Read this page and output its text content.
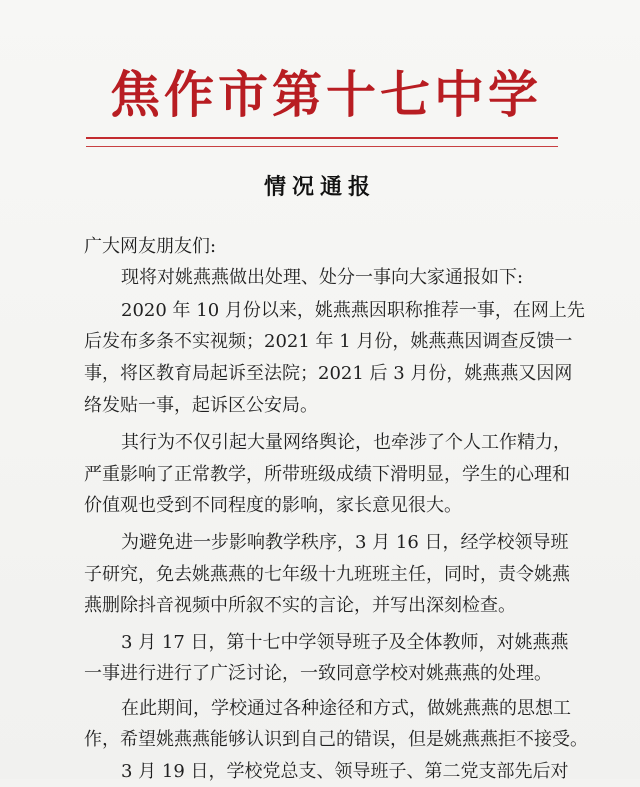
焦作市第十七中学
情况通报
广大网友朋友们:
现将对姚燕燕做出处理、处分一事向大家通报如下:
2020 年 10 月份以来，姚燕燕因职称推荐一事，在网上先
后发布多条不实视频；2021 年 1 月份，姚燕燕因调查反馈一
事，将区教育局起诉至法院；2021 后 3 月份，姚燕燕又因网
络发贴一事，起诉区公安局。
其行为不仅引起大量网络舆论，也牵涉了个人工作精力，
严重影响了正常教学，所带班级成绩下滑明显，学生的心理和
价值观也受到不同程度的影响，家长意见很大。
为避免进一步影响教学秩序，3 月 16 日，经学校领导班
子研究，免去姚燕燕的七年级十九班班主任，同时，责令姚燕
燕删除抖音视频中所叙不实的言论，并写出深刻检查。
3 月 17 日，第十七中学领导班子及全体教师，对姚燕燕
一事进行进行了广泛讨论，一致同意学校对姚燕燕的处理。
在此期间，学校通过各种途径和方式，做姚燕燕的思想工
作，希望姚燕燕能够认识到自己的错误，但是姚燕燕拒不接受。
3 月 19 日，学校党总支、领导班子、第二党支部先后对
